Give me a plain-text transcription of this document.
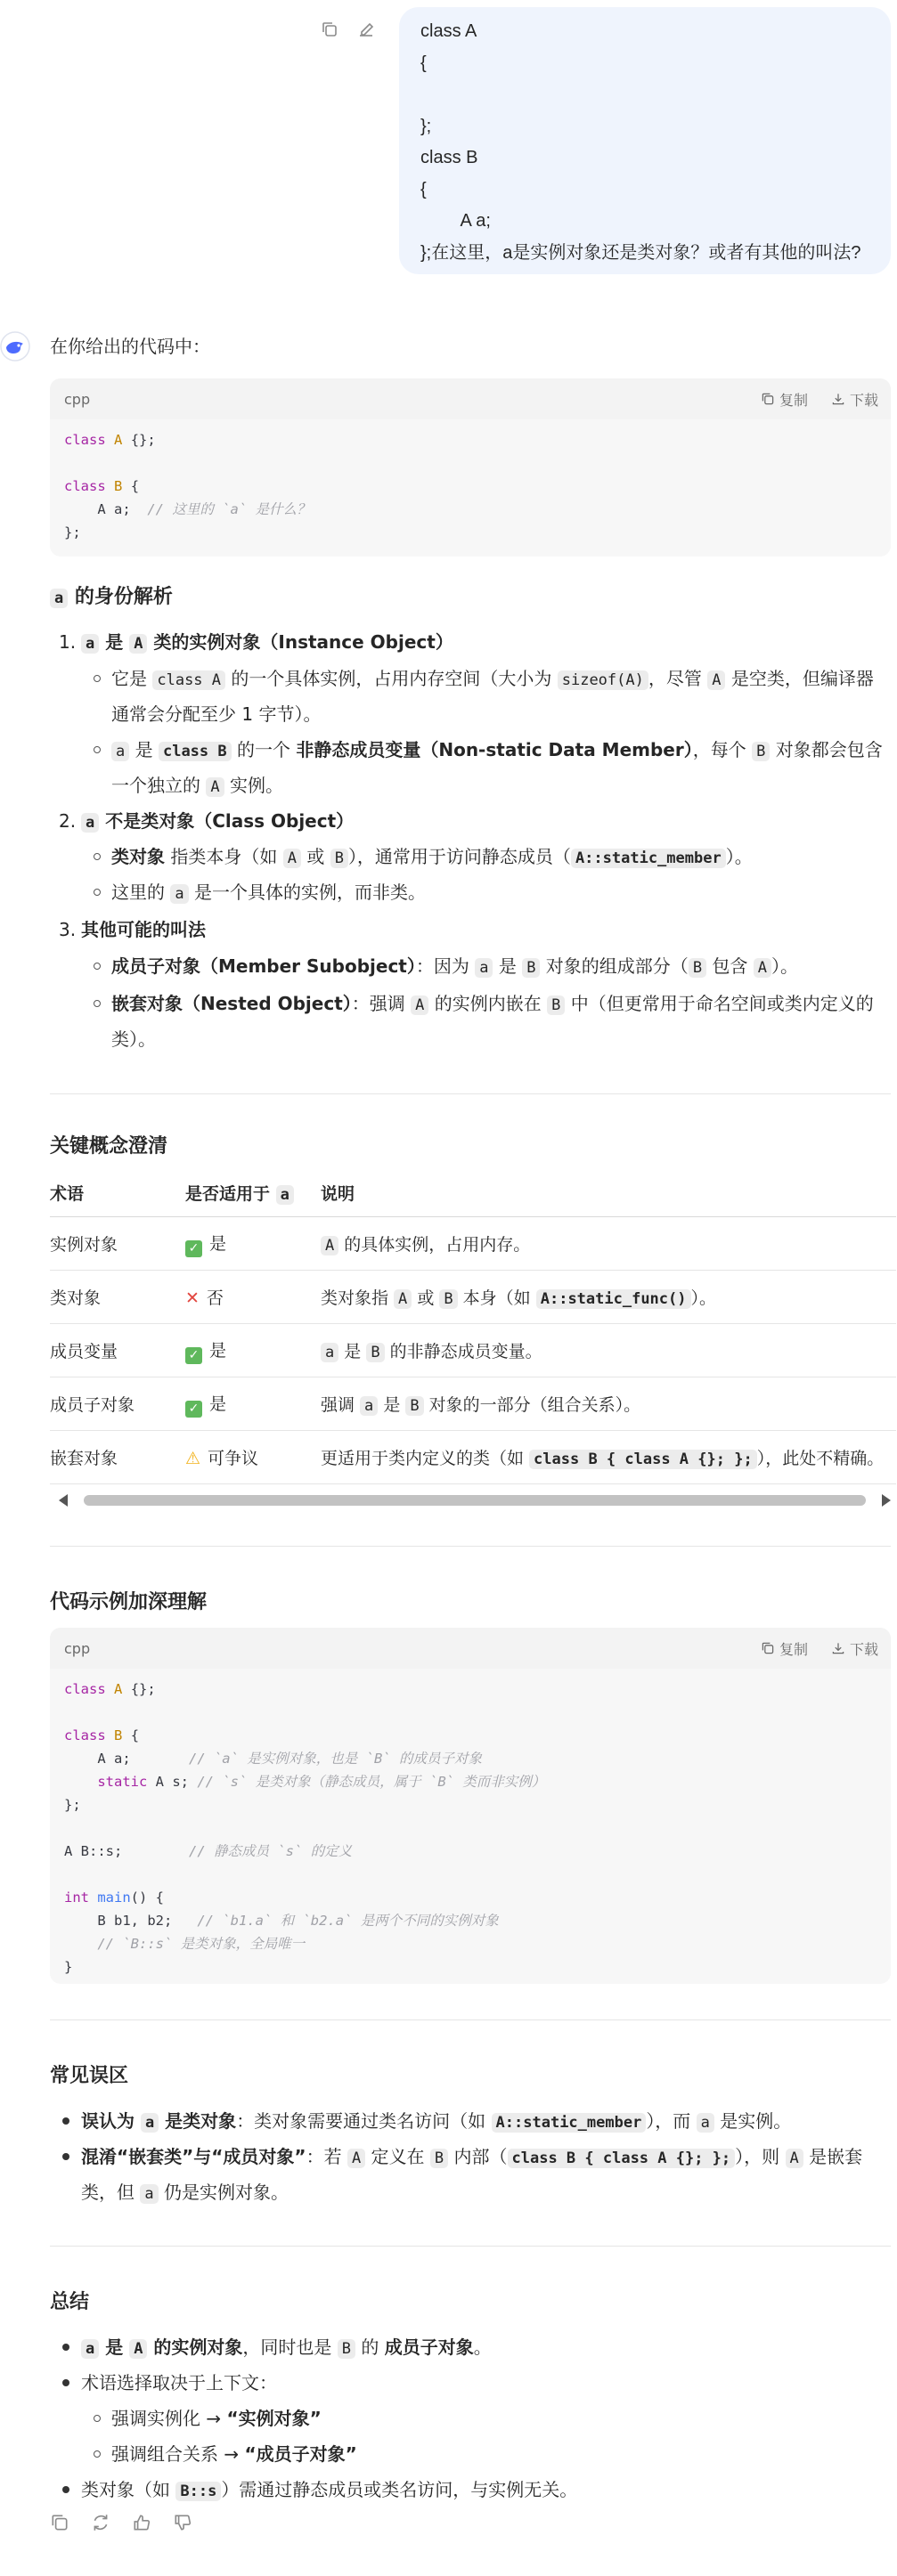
class A
{

};
class B
{
A a;
};在这里，a是实例对象还是类对象？或者有其他的叫法?
在你给出的代码中：
cpp	复制	下载
class A {};

class B {
A a;  // 这里的 `a` 是什么？
};
a 的身份解析
1. a 是 A 类的实例对象（Instance Object）
它是 class A 的一个具体实例，占用内存空间（大小为 sizeof(A) ，尽管 A 是空类，但编译器
通常会分配至少 1 字节）。
a 是 class B 的一个 非静态成员变量（Non-static Data Member），每个 B 对象都会包含
一个独立的 A 实例。
2. a 不是类对象（Class Object）
类对象 指类本身（如 A 或 B ），通常用于访问静态成员（ A::static_member ）。
这里的 a 是一个具体的实例，而非类。
3. 其他可能的叫法
成员子对象（Member Subobject）：因为 a 是 B 对象的组成部分（ B 包含 A ）。
嵌套对象（Nested Object）：强调 A 的实例内嵌在 B 中（但更常用于命名空间或类内定义的
类）。
关键概念澄清
术语	是否适用于 a	说明
实例对象	✓ 是	A 的具体实例，占用内存。
类对象	✕ 否	类对象指 A 或 B 本身（如 A::static_func() ）。
成员变量	✓ 是	a 是 B 的非静态成员变量。
成员子对象	✓ 是	强调 a 是 B 对象的一部分（组合关系）。
嵌套对象	⚠ 可争议	更适用于类内定义的类（如 class B { class A {}; }; ），此处不精确。
代码示例加深理解
cpp	复制	下载
class A {};

class B {
A a;	// `a` 是实例对象，也是 `B` 的成员子对象
static A s; // `s` 是类对象（静态成员，属于 `B` 类而非实例）
};

A B::s;	// 静态成员 `s` 的定义

int main() {
B b1, b2;   // `b1.a` 和 `b2.a` 是两个不同的实例对象
// `B::s` 是类对象，全局唯一
}
常见误区
误认为 a 是类对象：类对象需要通过类名访问（如 A::static_member ），而 a 是实例。
混淆“嵌套类”与“成员对象”：若 A 定义在 B 内部（ class B { class A {}; }; ），则 A 是嵌套
类，但 a 仍是实例对象。
总结
a 是 A 的实例对象，同时也是 B 的 成员子对象。
术语选择取决于上下文：
强调实例化 → “实例对象”
强调组合关系 → “成员子对象”
类对象（如 B::s ）需通过静态成员或类名访问，与实例无关。
